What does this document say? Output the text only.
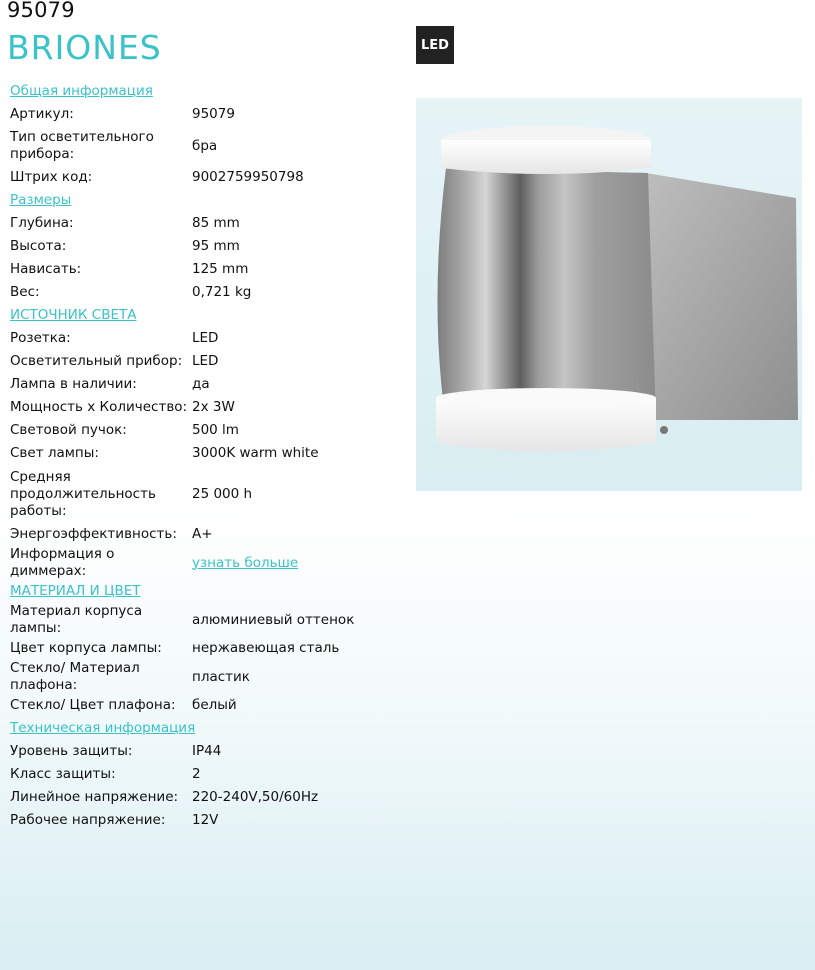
95079
BRIONES	LED
Общая информация
Артикул:	95079
Тип осветительного прибора:
бра
Штрих код:	9002759950798
Размеры
Глубина:	85 mm
Высота:	95 mm
Нависать:	125 mm
Вес:	0,721 kg
ИСТОЧНИК СВЕТА
Розетка:	LED
Осветительный прибор: LED
Лампа в наличии:	да
Мощность x Количество: 2x 3W
Световой пучок:	500 lm
Свет лампы:	3000K warm white
Средняя продолжительность работы:
25 000 h
Энергоэффективность:	A+
Информация о диммерах:
узнать больше
МАТЕРИАЛ И ЦВЕТ
Материал корпуса лампы:
алюминиевый оттенок
Цвет корпуса лампы:	нержавеющая сталь
Стекло/ Материал плафона:
пластик
Стекло/ Цвет плафона:	белый
Техническая информация
Уровень защиты:	IP44
Класс защиты:	2
Линейное напряжение:	220-240V,50/60Hz
Рабочее напряжение:	12V
